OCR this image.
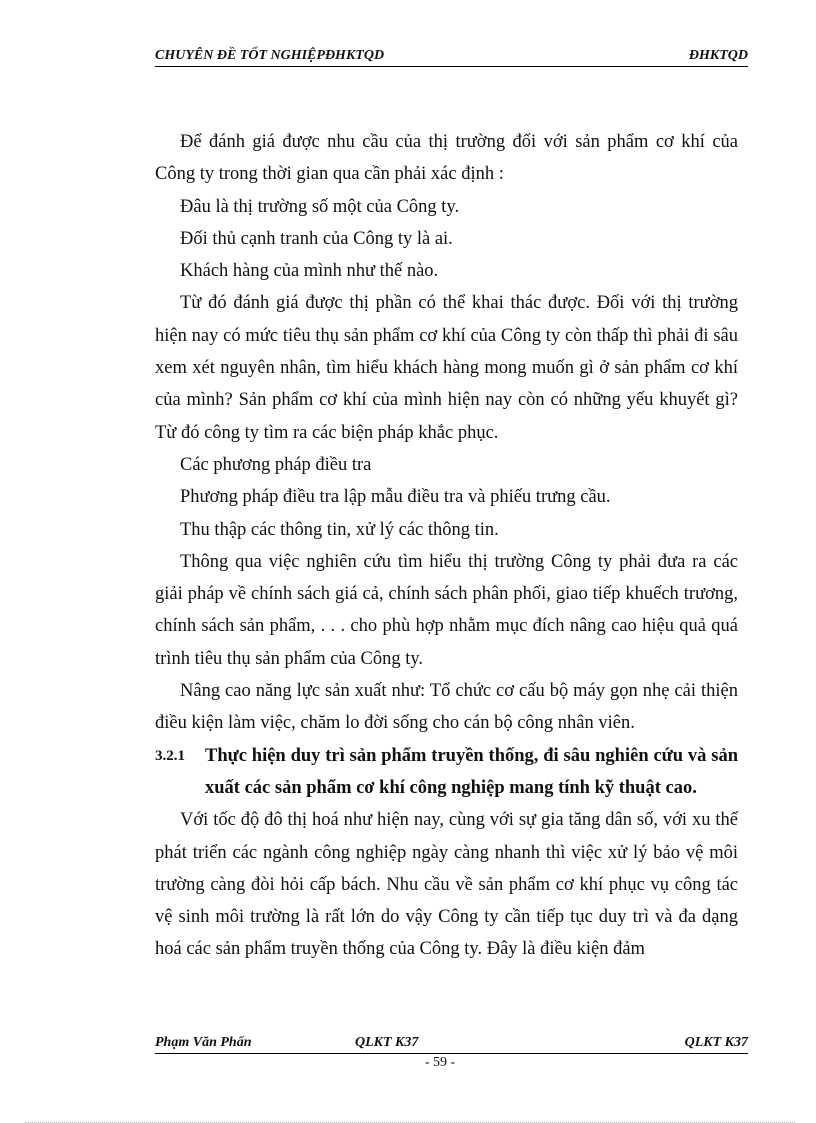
CHUYÊN ĐỀ TỐT NGHIỆPĐHKTQD	ĐHKTQD

Để đánh giá được nhu cầu của thị trường đối với sản phẩm cơ khí của Công ty trong thời gian qua cần phải xác định :

Đâu là thị trường số một của Công ty.

Đối thủ cạnh tranh của Công ty là ai.

Khách hàng của mình như thế nào.

Từ đó đánh giá được thị phần có thể khai thác được. Đối với thị trường hiện nay có mức tiêu thụ sản phẩm cơ khí của Công ty còn thấp thì phải đi sâu xem xét nguyên nhân, tìm hiểu khách hàng mong muốn gì ở sản phẩm cơ khí của mình? Sản phẩm cơ khí của mình hiện nay còn có những yếu khuyết gì? Từ đó công ty tìm ra các biện pháp khắc phục.

Các phương pháp điều tra

Phương pháp điều tra lập mẫu điều tra và phiếu trưng cầu.

Thu thập các thông tin, xử lý các thông tin.

Thông qua việc nghiên cứu tìm hiểu thị trường Công ty phải đưa ra các giải pháp về chính sách giá cả, chính sách phân phối, giao tiếp khuếch trương, chính sách sản phẩm, . . . cho phù hợp nhằm mục đích nâng cao hiệu quả quá trình tiêu thụ sản phẩm của Công ty.

Nâng cao năng lực sản xuất như: Tổ chức cơ cấu bộ máy gọn nhẹ cải thiện điều kiện làm việc, chăm lo đời sống cho cán bộ công nhân viên.

3.2.1	Thực hiện duy trì sản phẩm truyền thống, đi sâu nghiên cứu và sản xuất các sản phẩm cơ khí công nghiệp mang tính kỹ thuật cao.

Với tốc độ đô thị hoá như hiện nay, cùng với sự gia tăng dân số, với xu thế phát triển các ngành công nghiệp ngày càng nhanh thì việc xử lý bảo vệ môi trường càng đòi hỏi cấp bách. Nhu cầu về sản phẩm cơ khí phục vụ công tác vệ sinh môi trường là rất lớn do vậy Công ty cần tiếp tục duy trì và đa dạng hoá các sản phẩm truyền thống của Công ty. Đây là điều kiện đảm

Phạm Văn Phấn	QLKT K37	QLKT K37
- 59 -
